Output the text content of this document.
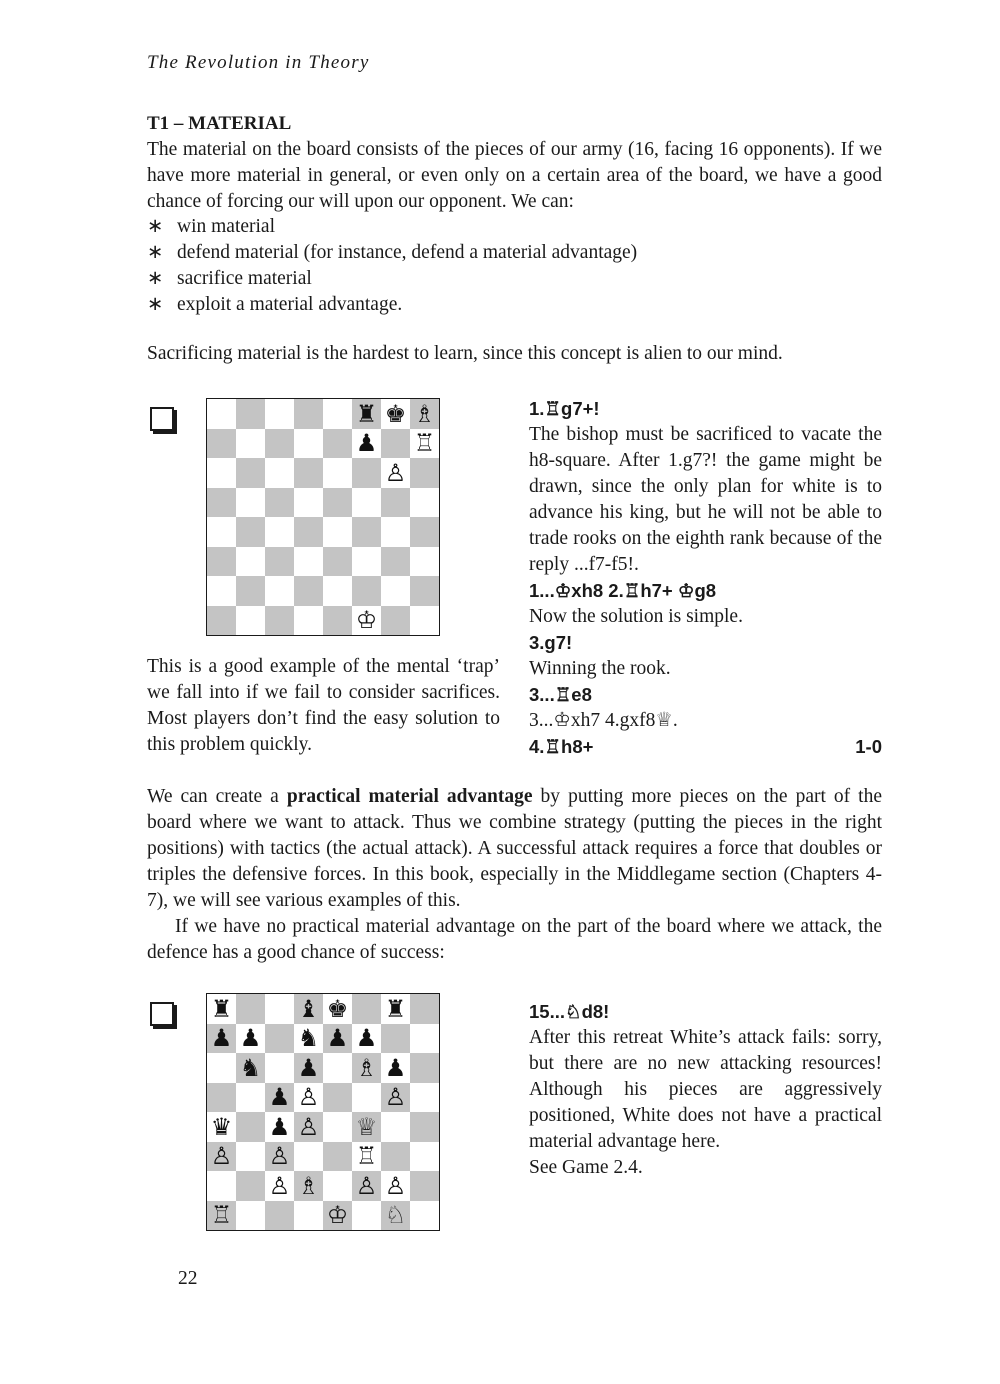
The Revolution in Theory
T1 – MATERIAL

The material on the board consists of the pieces of our army (16, facing 16 opponents). If we have more material in general, or even only on a certain area of the board, we have a good chance of forcing our will upon our opponent. We can:

∗ win material
∗ defend material (for instance, defend a material advantage)
∗ sacrifice material
∗ exploit a material advantage.
Sacrificing material is the hardest to learn, since this concept is alien to our mind.
♜ ♚ ♗
♟ ♖
♙
♔
This is a good example of the mental ‘trap’ we fall into if we fail to consider sacrifices. Most players don’t find the easy solution to this problem quickly.
1.♖g7+!
The bishop must be sacrificed to vacate the h8-square. After 1.g7?! the game might be drawn, since the only plan for white is to advance his king, but he will not be able to trade rooks on the eighth rank because of the reply ...f7-f5!.
1...♔xh8 2.♖h7+ ♔g8
Now the solution is simple.
3.g7!
Winning the rook.
3...♖e8
3...♔xh7 4.gxf8♕.
4.♖h8+	1-0

We can create a practical material advantage by putting more pieces on the part of the board where we want to attack. Thus we combine strategy (putting the pieces in the right positions) with tactics (the actual attack). A successful attack requires a force that doubles or triples the defensive forces. In this book, especially in the Middlegame section (Chapters 4-7), we will see various examples of this.

If we have no practical material advantage on the part of the board where we attack, the defence has a good chance of success:

♜	♝ ♚ ♜
♟ ♟ ♞ ♟ ♟
♞ ♟ ♗ ♟
♟ ♙	♙
♛ ♟ ♙ ♕
♙ ♙	♖
♙ ♗ ♙ ♙
♖	♔ ♘
15...♘d8!
After this retreat White’s attack fails: sorry, but there are no new attacking resources! Although his pieces are aggressively positioned, White does not have a practical material advantage here.
See Game 2.4.
22
